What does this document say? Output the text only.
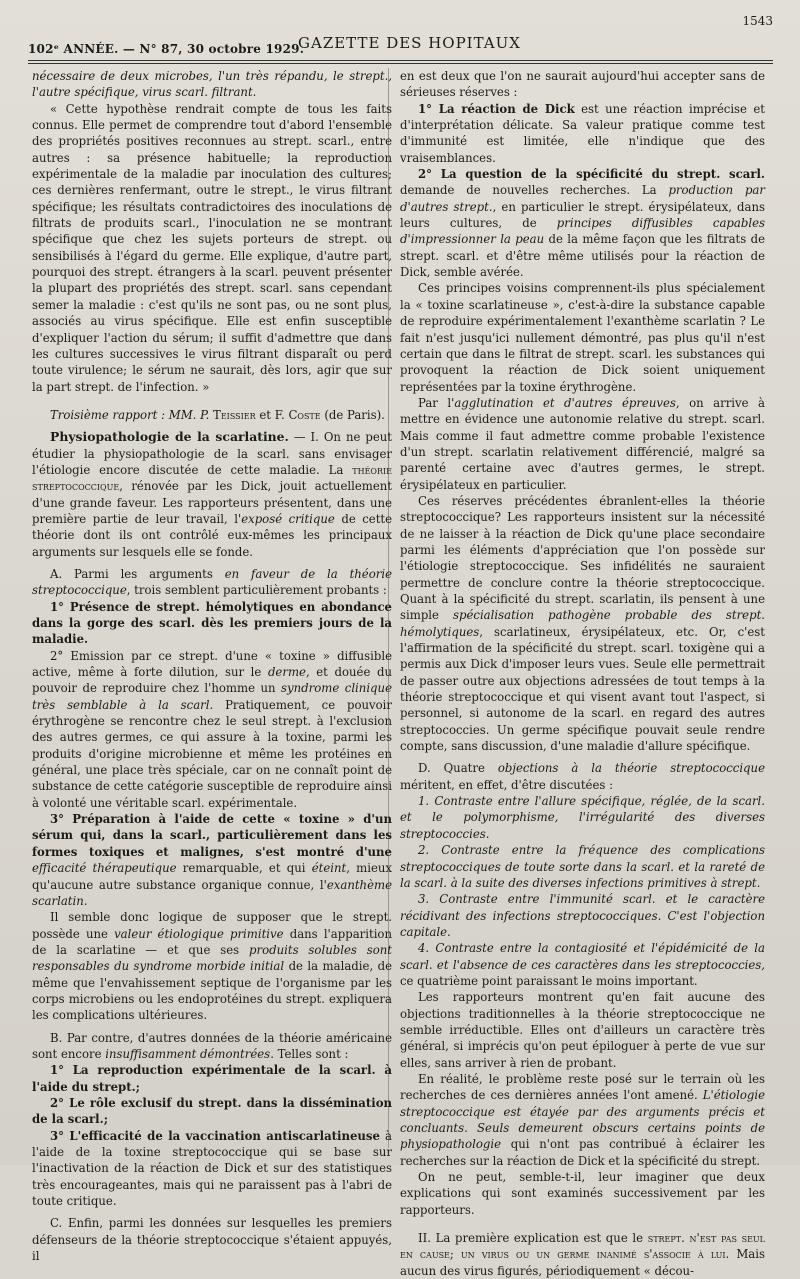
102ᵉ ANNÉE. — N° 87, 30 octobre 1929.
GAZETTE DES HOPITAUX
1543

nécessaire de deux microbes, l'un très répandu, le strept., l'autre spécifique, virus scarl. filtrant.

« Cette hypothèse rendrait compte de tous les faits connus. Elle permet de comprendre tout d'abord l'ensemble des propriétés positives reconnues au strept. scarl., entre autres : sa présence habituelle; la reproduction expérimentale de la maladie par inoculation des cultures; ces dernières renfermant, outre le strept., le virus filtrant spécifique; les résultats contradictoires des inoculations de filtrats de produits scarl., l'inoculation ne se montrant spécifique que chez les sujets porteurs de strept. ou sensibilisés à l'égard du germe. Elle explique, d'autre part, pourquoi des strept. étrangers à la scarl. peuvent présenter la plupart des propriétés des strept. scarl. sans cependant semer la maladie : c'est qu'ils ne sont pas, ou ne sont plus, associés au virus spécifique. Elle est enfin susceptible d'expliquer l'action du sérum; il suffit d'admettre que dans les cultures successives le virus filtrant disparaît ou perd toute virulence; le sérum ne saurait, dès lors, agir que sur la part strept. de l'infection. »

Troisième rapport : MM. P. Teissier et F. Coste (de Paris).

Physiopathologie de la scarlatine. — I. On ne peut étudier la physiopathologie de la scarl. sans envisager l'étiologie encore discutée de cette maladie. La théorie streptococcique, rénovée par les Dick, jouit actuellement d'une grande faveur. Les rapporteurs présentent, dans une première partie de leur travail, l'exposé critique de cette théorie dont ils ont contrôlé eux-mêmes les principaux arguments sur lesquels elle se fonde.

A. Parmi les arguments en faveur de la théorie streptococcique, trois semblent particulièrement probants :

1° Présence de strept. hémolytiques en abondance dans la gorge des scarl. dès les premiers jours de la maladie.

2° Emission par ce strept. d'une « toxine » diffusible active, même à forte dilution, sur le derme, et douée du pouvoir de reproduire chez l'homme un syndrome clinique très semblable à la scarl. Pratiquement, ce pouvoir érythrogène se rencontre chez le seul strept. à l'exclusion des autres germes, ce qui assure à la toxine, parmi les produits d'origine microbienne et même les protéines en général, une place très spéciale, car on ne connaît point de substance de cette catégorie susceptible de reproduire ainsi à volonté une véritable scarl. expérimentale.

3° Préparation à l'aide de cette « toxine » d'un sérum qui, dans la scarl., particulièrement dans les formes toxiques et malignes, s'est montré d'une efficacité thérapeutique remarquable, et qui éteint, mieux qu'aucune autre substance organique connue, l'exanthème scarlatin.

Il semble donc logique de supposer que le strept. possède une valeur étiologique primitive dans l'apparition de la scarlatine — et que ses produits solubles sont responsables du syndrome morbide initial de la maladie, de même que l'envahissement septique de l'organisme par les corps microbiens ou les endoprotéines du strept. expliquera les complications ultérieures.

B. Par contre, d'autres données de la théorie américaine sont encore insuffisamment démontrées. Telles sont :

1° La reproduction expérimentale de la scarl. à l'aide du strept.;

2° Le rôle exclusif du strept. dans la dissémination de la scarl.;

3° L'efficacité de la vaccination antiscarlatineuse à l'aide de la toxine streptococcique qui se base sur l'inactivation de la réaction de Dick et sur des statistiques très encourageantes, mais qui ne paraissent pas à l'abri de toute critique.

C. Enfin, parmi les données sur lesquelles les premiers défenseurs de la théorie streptococcique s'étaient appuyés, il

en est deux que l'on ne saurait aujourd'hui accepter sans de sérieuses réserves :

1° La réaction de Dick est une réaction imprécise et d'interprétation délicate. Sa valeur pratique comme test d'immunité est limitée, elle n'indique que des vraisemblances.

2° La question de la spécificité du strept. scarl. demande de nouvelles recherches. La production par d'autres strept., en particulier le strept. érysipélateux, dans leurs cultures, de principes diffusibles capables d'impressionner la peau de la même façon que les filtrats de strept. scarl. et d'être même utilisés pour la réaction de Dick, semble avérée.

Ces principes voisins comprennent-ils plus spécialement la « toxine scarlatineuse », c'est-à-dire la substance capable de reproduire expérimentalement l'exanthème scarlatin ? Le fait n'est jusqu'ici nullement démontré, pas plus qu'il n'est certain que dans le filtrat de strept. scarl. les substances qui provoquent la réaction de Dick soient uniquement représentées par la toxine érythrogène.

Par l'agglutination et d'autres épreuves, on arrive à mettre en évidence une autonomie relative du strept. scarl. Mais comme il faut admettre comme probable l'existence d'un strept. scarlatin relativement différencié, malgré sa parenté certaine avec d'autres germes, le strept. érysipélateux en particulier.

Ces réserves précédentes ébranlent-elles la théorie streptococcique? Les rapporteurs insistent sur la nécessité de ne laisser à la réaction de Dick qu'une place secondaire parmi les éléments d'appréciation que l'on possède sur l'étiologie streptococcique. Ses infidélités ne sauraient permettre de conclure contre la théorie streptococcique. Quant à la spécificité du strept. scarlatin, ils pensent à une simple spécialisation pathogène probable des strept. hémolytiques, scarlatineux, érysipélateux, etc. Or, c'est l'affirmation de la spécificité du strept. scarl. toxigène qui a permis aux Dick d'imposer leurs vues. Seule elle permettrait de passer outre aux objections adressées de tout temps à la théorie streptococcique et qui visent avant tout l'aspect, si personnel, si autonome de la scarl. en regard des autres streptococcies. Un germe spécifique pouvait seule rendre compte, sans discussion, d'une maladie d'allure spécifique.

D. Quatre objections à la théorie streptococcique méritent, en effet, d'être discutées :

1. Contraste entre l'allure spécifique, réglée, de la scarl. et le polymorphisme, l'irrégularité des diverses streptococcies.

2. Contraste entre la fréquence des complications streptococciques de toute sorte dans la scarl. et la rareté de la scarl. à la suite des diverses infections primitives à strept.

3. Contraste entre l'immunité scarl. et le caractère récidivant des infections streptococciques. C'est l'objection capitale.

4. Contraste entre la contagiosité et l'épidémicité de la scarl. et l'absence de ces caractères dans les streptococcies, ce quatrième point paraissant le moins important.

Les rapporteurs montrent qu'en fait aucune des objections traditionnelles à la théorie streptococcique ne semble irréductible. Elles ont d'ailleurs un caractère très général, si imprécis qu'on peut épiloguer à perte de vue sur elles, sans arriver à rien de probant.

En réalité, le problème reste posé sur le terrain où les recherches de ces dernières années l'ont amené. L'étiologie streptococcique est étayée par des arguments précis et concluants. Seuls demeurent obscurs certains points de physiopathologie qui n'ont pas contribué à éclairer les recherches sur la réaction de Dick et la spécificité du strept.

On ne peut, semble-t-il, leur imaginer que deux explications qui sont examinés successivement par les rapporteurs.

II. La première explication est que le strept. n'est pas seul en cause; un virus ou un germe inanimé s'associe à lui. Mais aucun des virus figurés, périodiquement « décou-
